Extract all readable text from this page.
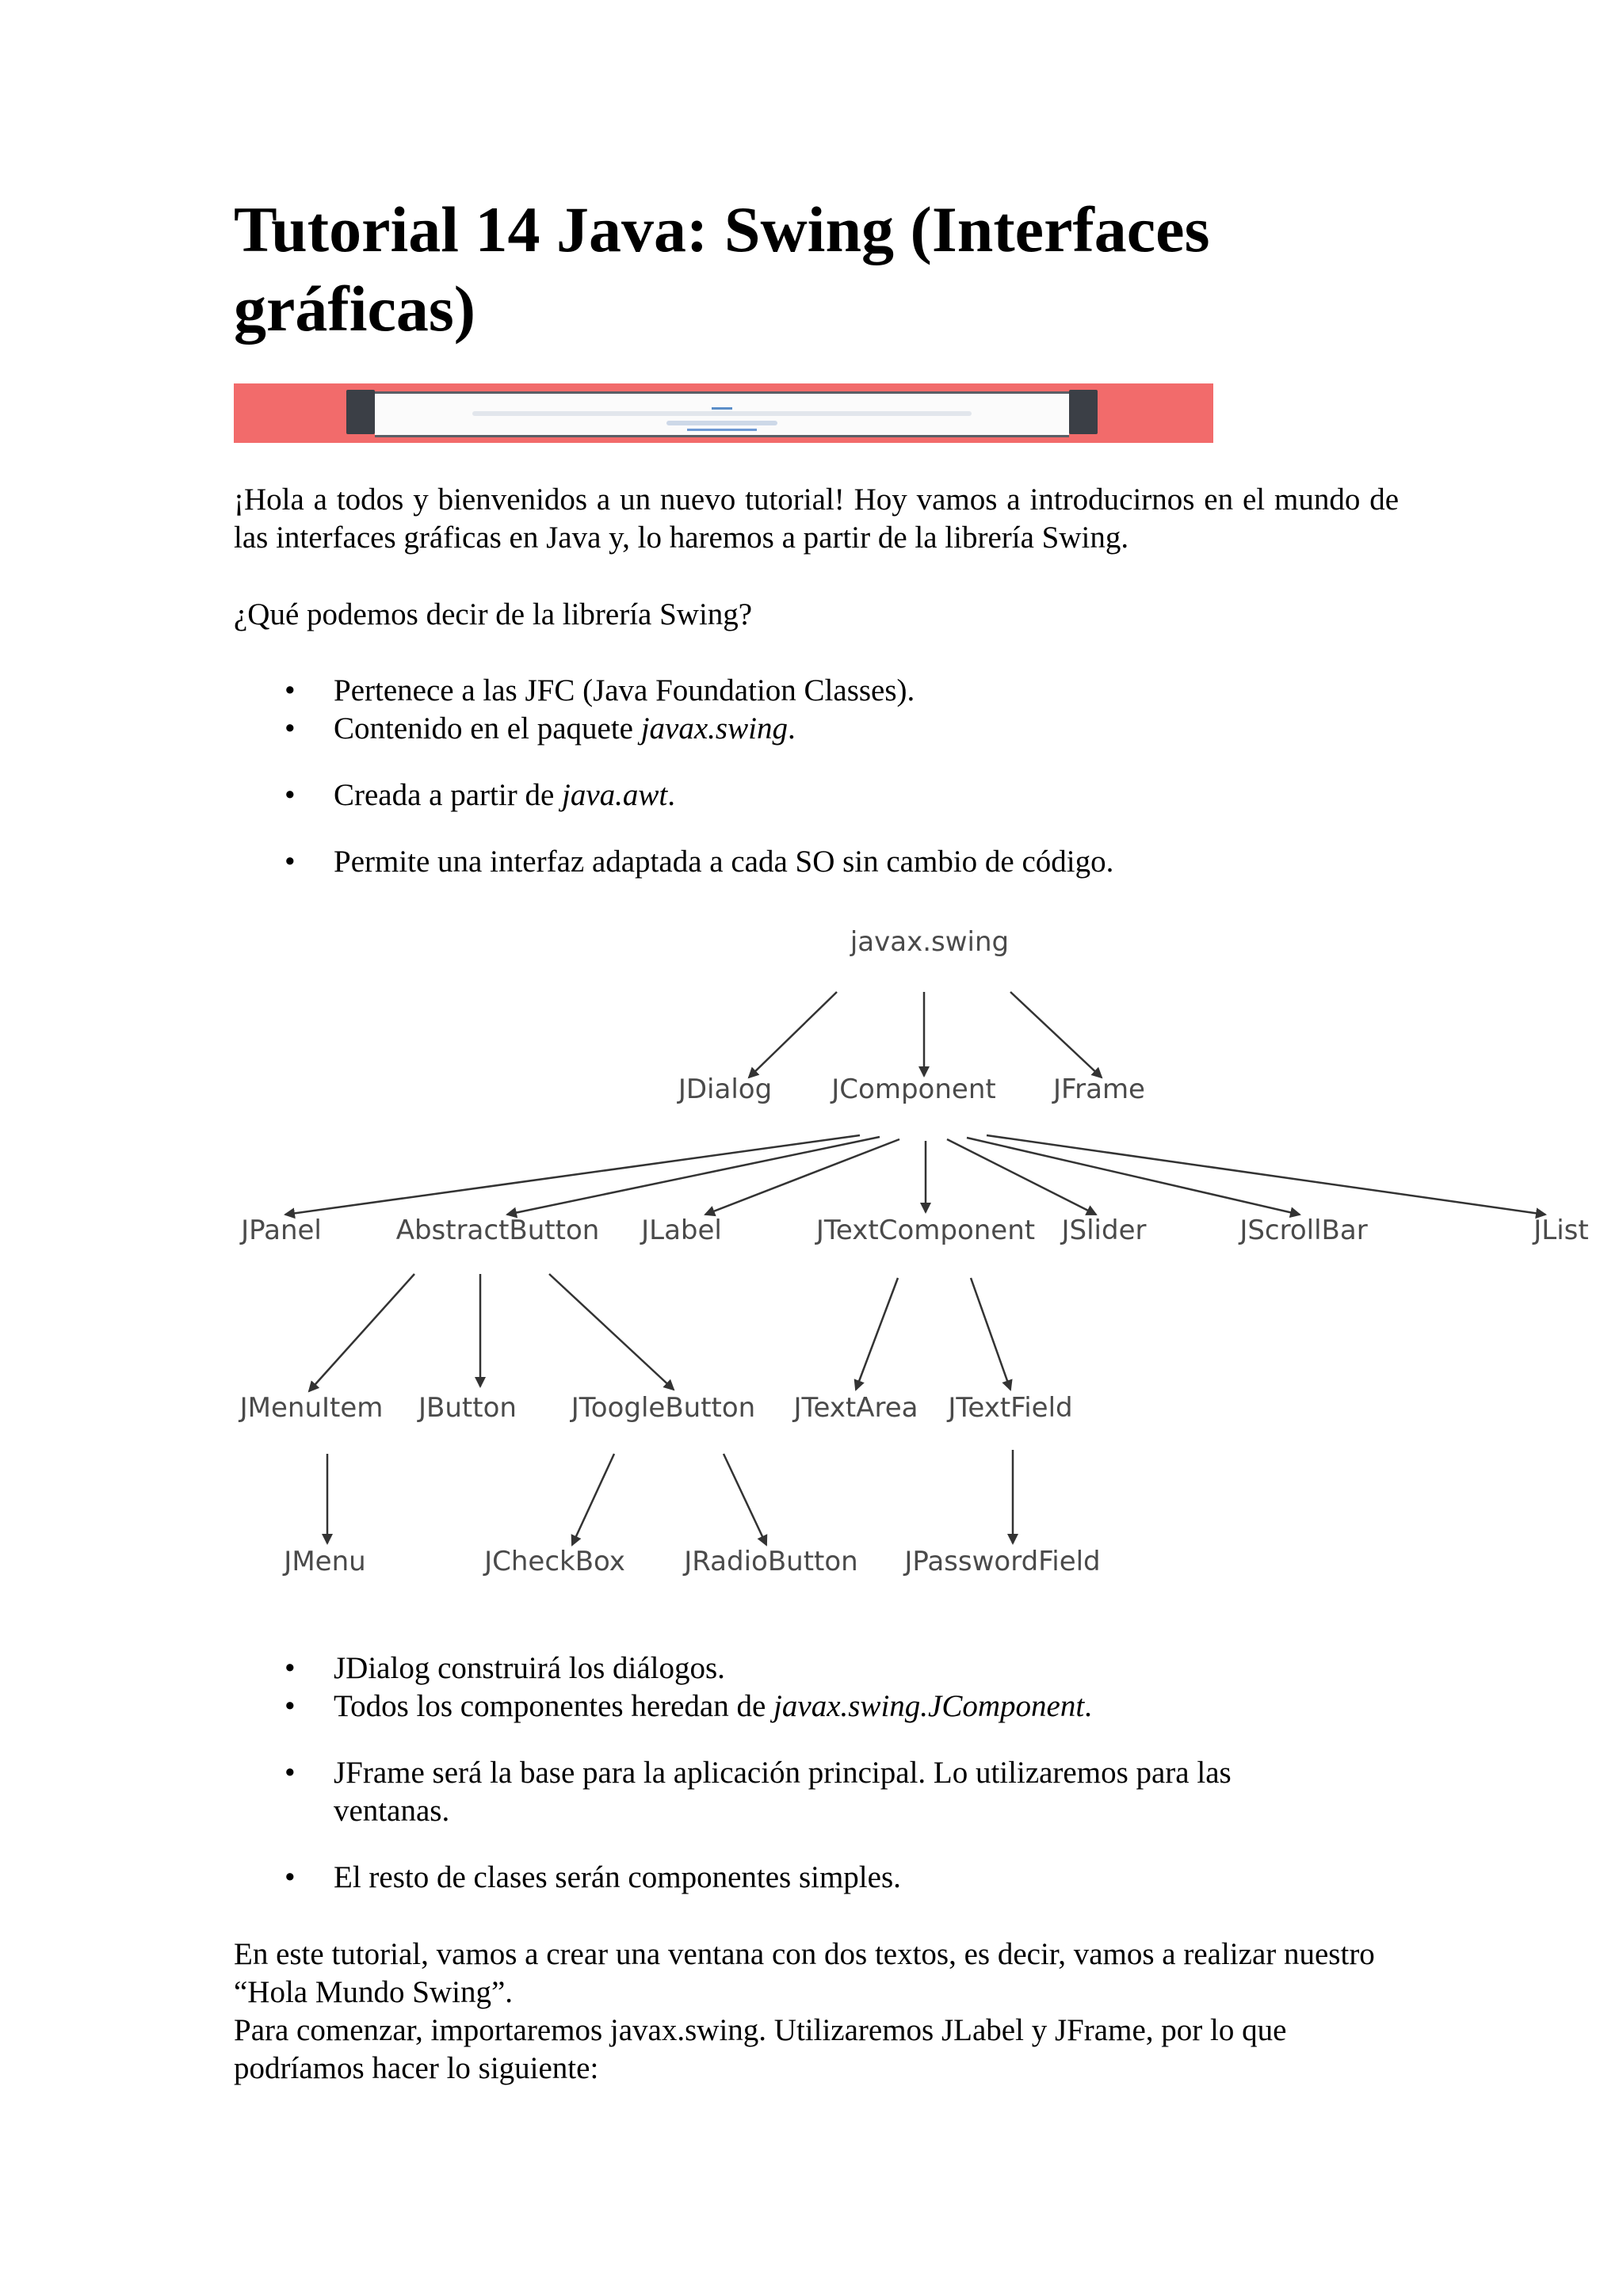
Tutorial 14 Java: Swing (Interfaces gráficas)

¡Hola a todos y bienvenidos a un nuevo tutorial! Hoy vamos a introducirnos en el mundo de las interfaces gráficas en Java y, lo haremos a partir de la librería Swing.

¿Qué podemos decir de la librería Swing?

• Pertenece a las JFC (Java Foundation Classes).
• Contenido en el paquete javax.swing.
• Creada a partir de java.awt.
• Permite una interfaz adaptada a cada SO sin cambio de código.
javax.swing
JDialog JComponent JFrame
JPanel	AbstractButton JLabel	JTextComponent JSlider	JScrollBar	JList
JMenuItem JButton JToogleButton JTextArea JTextField
JMenu	JCheckBox JRadioButton JPasswordField
• JDialog construirá los diálogos.
• Todos los componentes heredan de javax.swing.JComponent.
• JFrame será la base para la aplicación principal. Lo utilizaremos para las ventanas.
• El resto de clases serán componentes simples.

En este tutorial, vamos a crear una ventana con dos textos, es decir, vamos a realizar nuestro “Hola Mundo Swing”.

Para comenzar, importaremos javax.swing. Utilizaremos JLabel y JFrame, por lo que podríamos hacer lo siguiente:
